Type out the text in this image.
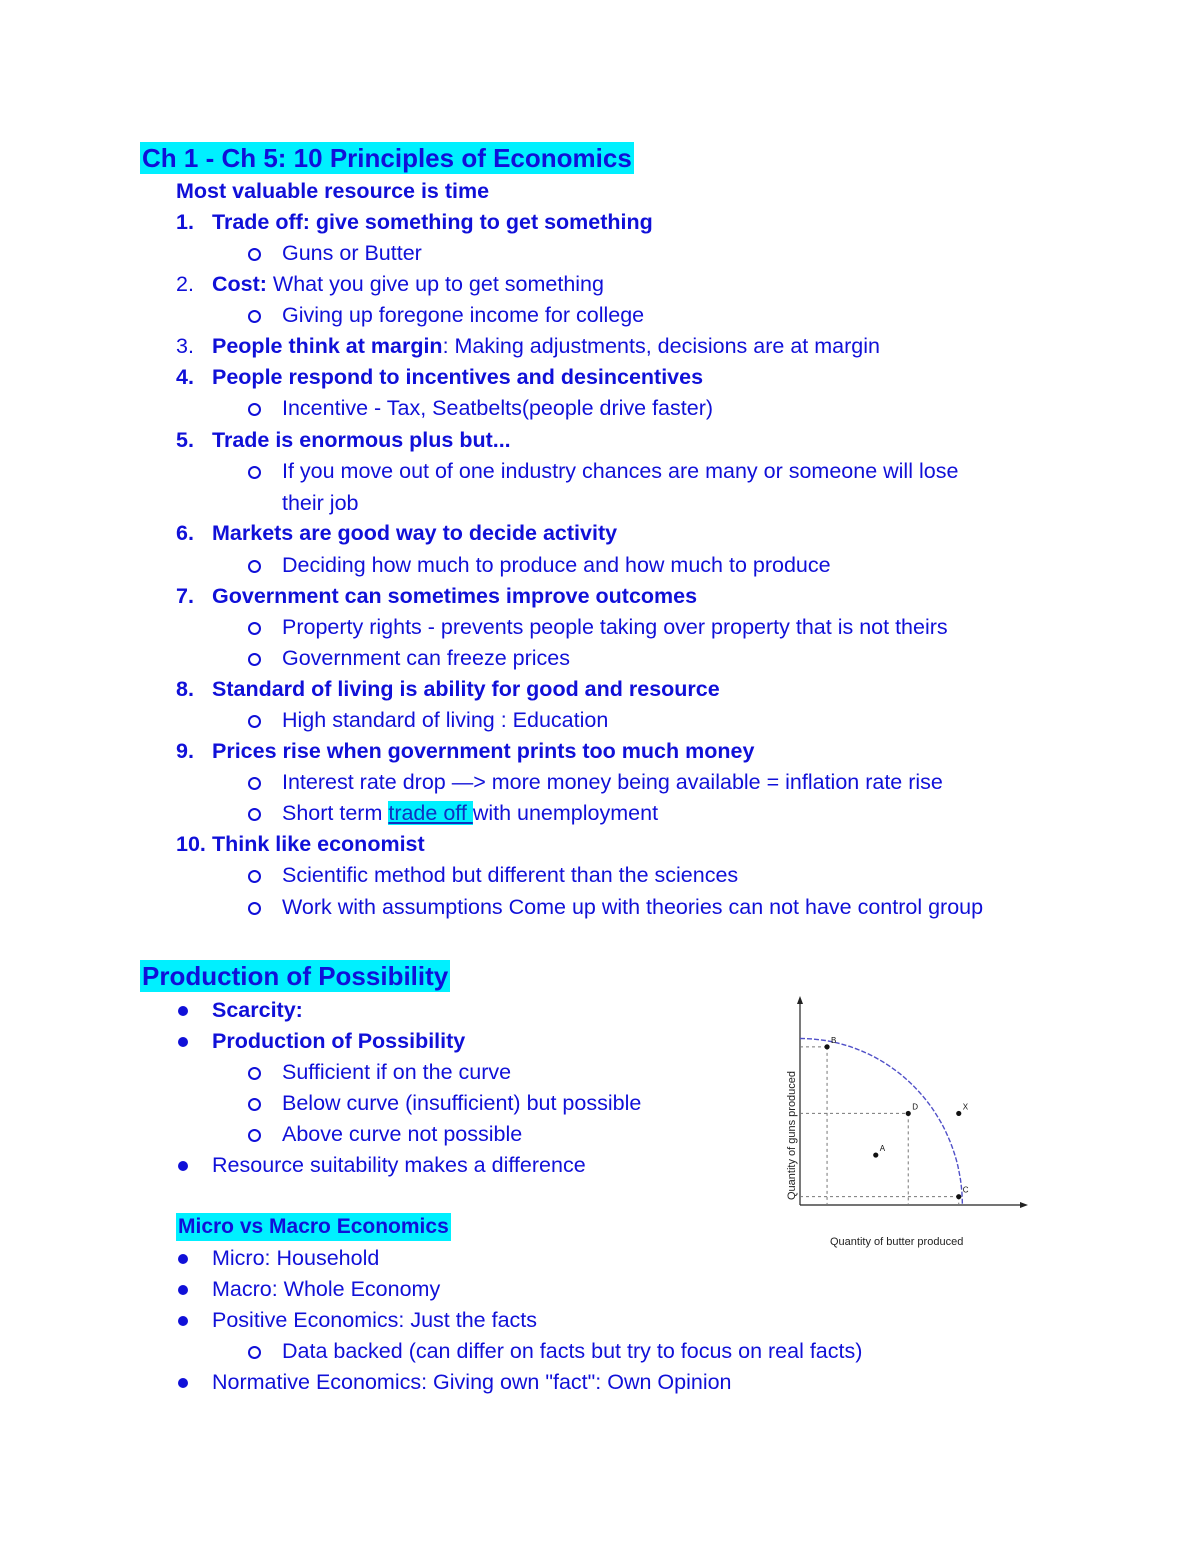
Ch 1 - Ch 5: 10 Principles of Economics
Most valuable resource is time
1. Trade off: give something to get something
Guns or Butter
2. Cost: What you give up to get something
Giving up foregone income for college
3. People think at margin: Making adjustments, decisions are at margin
4. People respond to incentives and desincentives
Incentive - Tax, Seatbelts(people drive faster)
5. Trade is enormous plus but...
If you move out of one industry chances are many or someone will lose
their job
6. Markets are good way to decide activity
Deciding how much to produce and how much to produce
7. Government can sometimes improve outcomes
Property rights - prevents people taking over property that is not theirs
Government can freeze prices
8. Standard of living is ability for good and resource
High standard of living : Education
9. Prices rise when government prints too much money
Interest rate drop —> more money being available = inflation rate rise
Short term trade off with unemployment
10. Think like economist
Scientific method but different than the sciences
Work with assumptions Come up with theories can not have control group
Production of Possibility
Scarcity:
Production of Possibility
Sufficient if on the curve
Below curve (insufficient) but possible
Above curve not possible
Resource suitability makes a difference
B
D
C
A
X
Quantity of butter produced
Quantity of guns produced
Micro vs Macro Economics
Micro: Household
Macro: Whole Economy
Positive Economics: Just the facts
Data backed (can differ on facts but try to focus on real facts)
Normative Economics: Giving own "fact": Own Opinion
